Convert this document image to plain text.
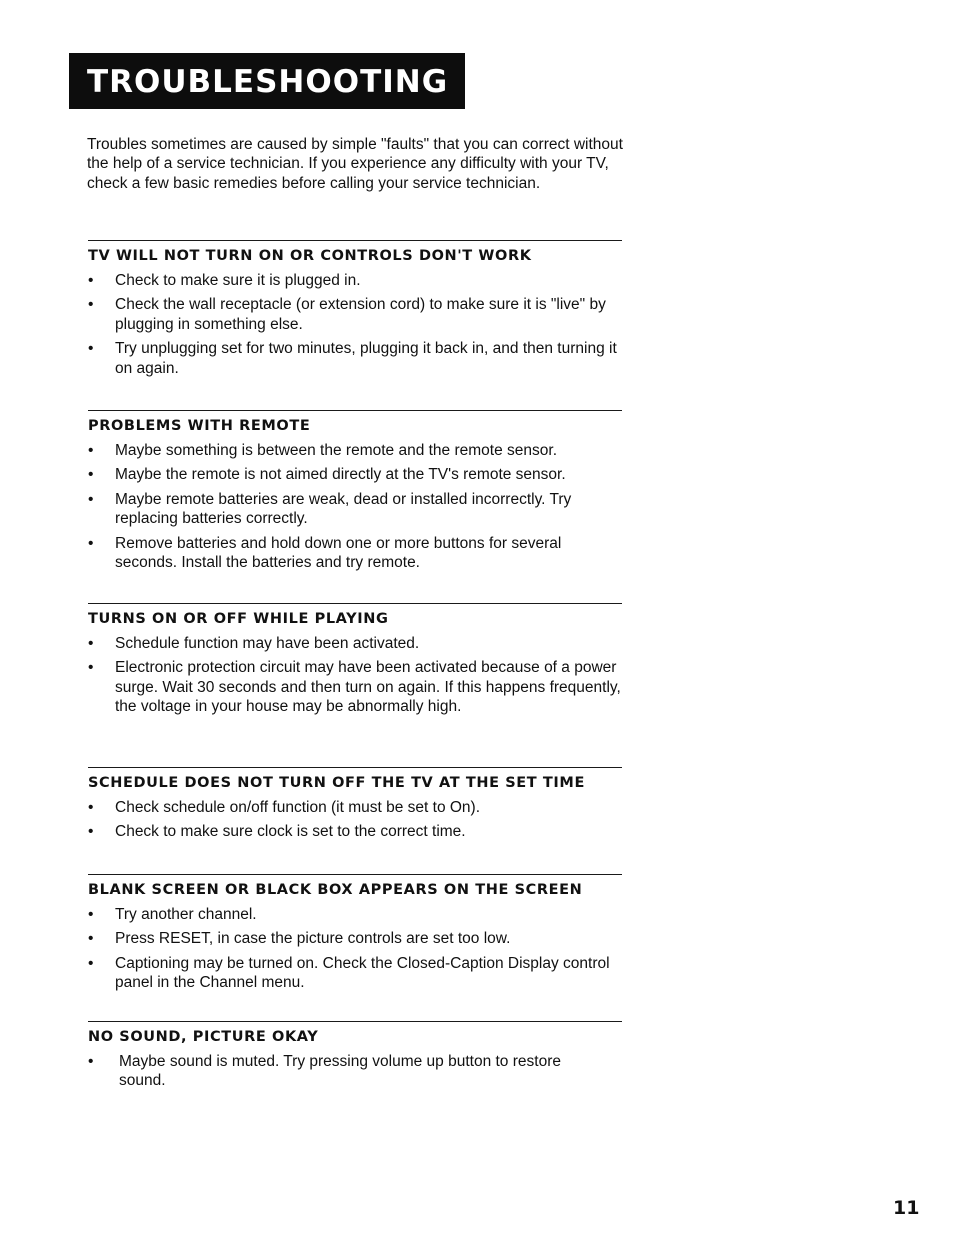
TROUBLESHOOTING

Troubles sometimes are caused by simple "faults" that you can correct without the help of a service technician. If you experience any difficulty with your TV, check a few basic remedies before calling your service technician.

TV WILL NOT TURN ON OR CONTROLS DON'T WORK
• Check to make sure it is plugged in.
• Check the wall receptacle (or extension cord) to make sure it is "live" by plugging in something else.
• Try unplugging set for two minutes, plugging it back in, and then turning it on again.
PROBLEMS WITH REMOTE
• Maybe something is between the remote and the remote sensor.
• Maybe the remote is not aimed directly at the TV's remote sensor.
• Maybe remote batteries are weak, dead or installed incorrectly. Try replacing batteries correctly.
• Remove batteries and hold down one or more buttons for several seconds. Install the batteries and try remote.
TURNS ON OR OFF WHILE PLAYING
• Schedule function may have been activated.
• Electronic protection circuit may have been activated because of a power surge. Wait 30 seconds and then turn on again. If this happens frequently, the voltage in your house may be abnormally high.
SCHEDULE DOES NOT TURN OFF THE TV AT THE SET TIME
• Check schedule on/off function (it must be set to On).
• Check to make sure clock is set to the correct time.
BLANK SCREEN OR BLACK BOX APPEARS ON THE SCREEN
• Try another channel.
• Press RESET, in case the picture controls are set too low.
• Captioning may be turned on. Check the Closed-Caption Display control panel in the Channel menu.
NO SOUND, PICTURE OKAY
• Maybe sound is muted. Try pressing volume up button to restore sound.
11
